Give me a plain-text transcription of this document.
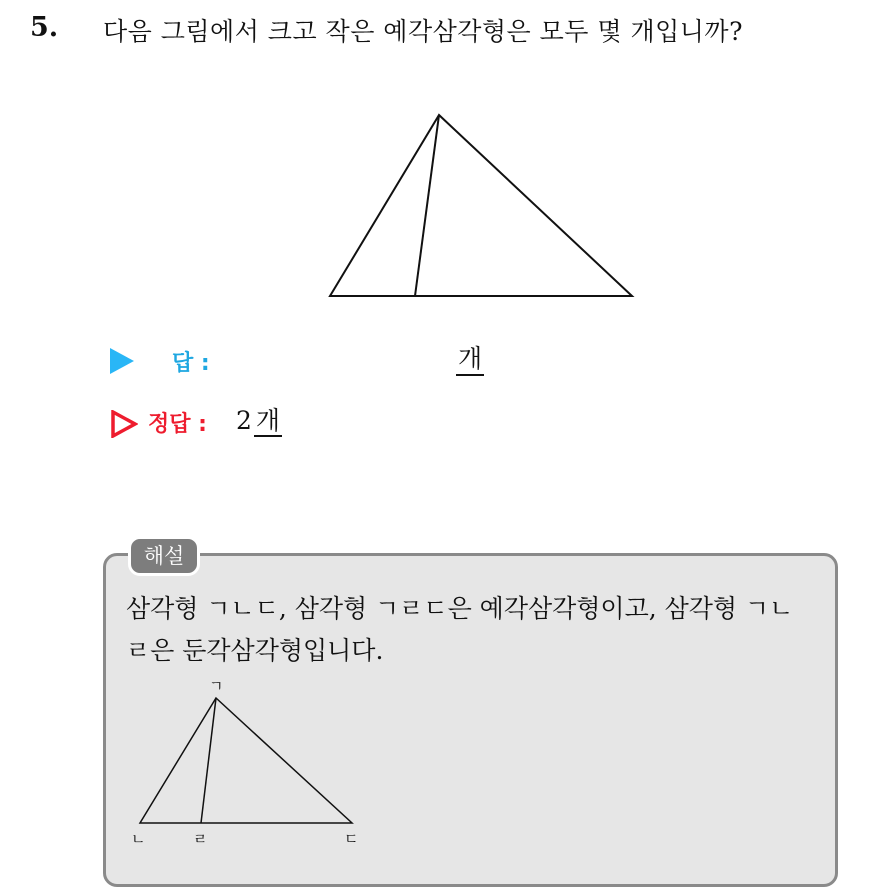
5. 다음 그림에서 크고 작은 예각삼각형은 모두 몇 개입니까?
답 :	개
정답 : 2 개
해설
삼각형 ㄱㄴㄷ, 삼각형 ㄱㄹㄷ은 예각삼각형이고, 삼각형 ㄱㄴ
ㄹ은 둔각삼각형입니다.
ㄱ
ㄴ	ㄹ	ㄷ
